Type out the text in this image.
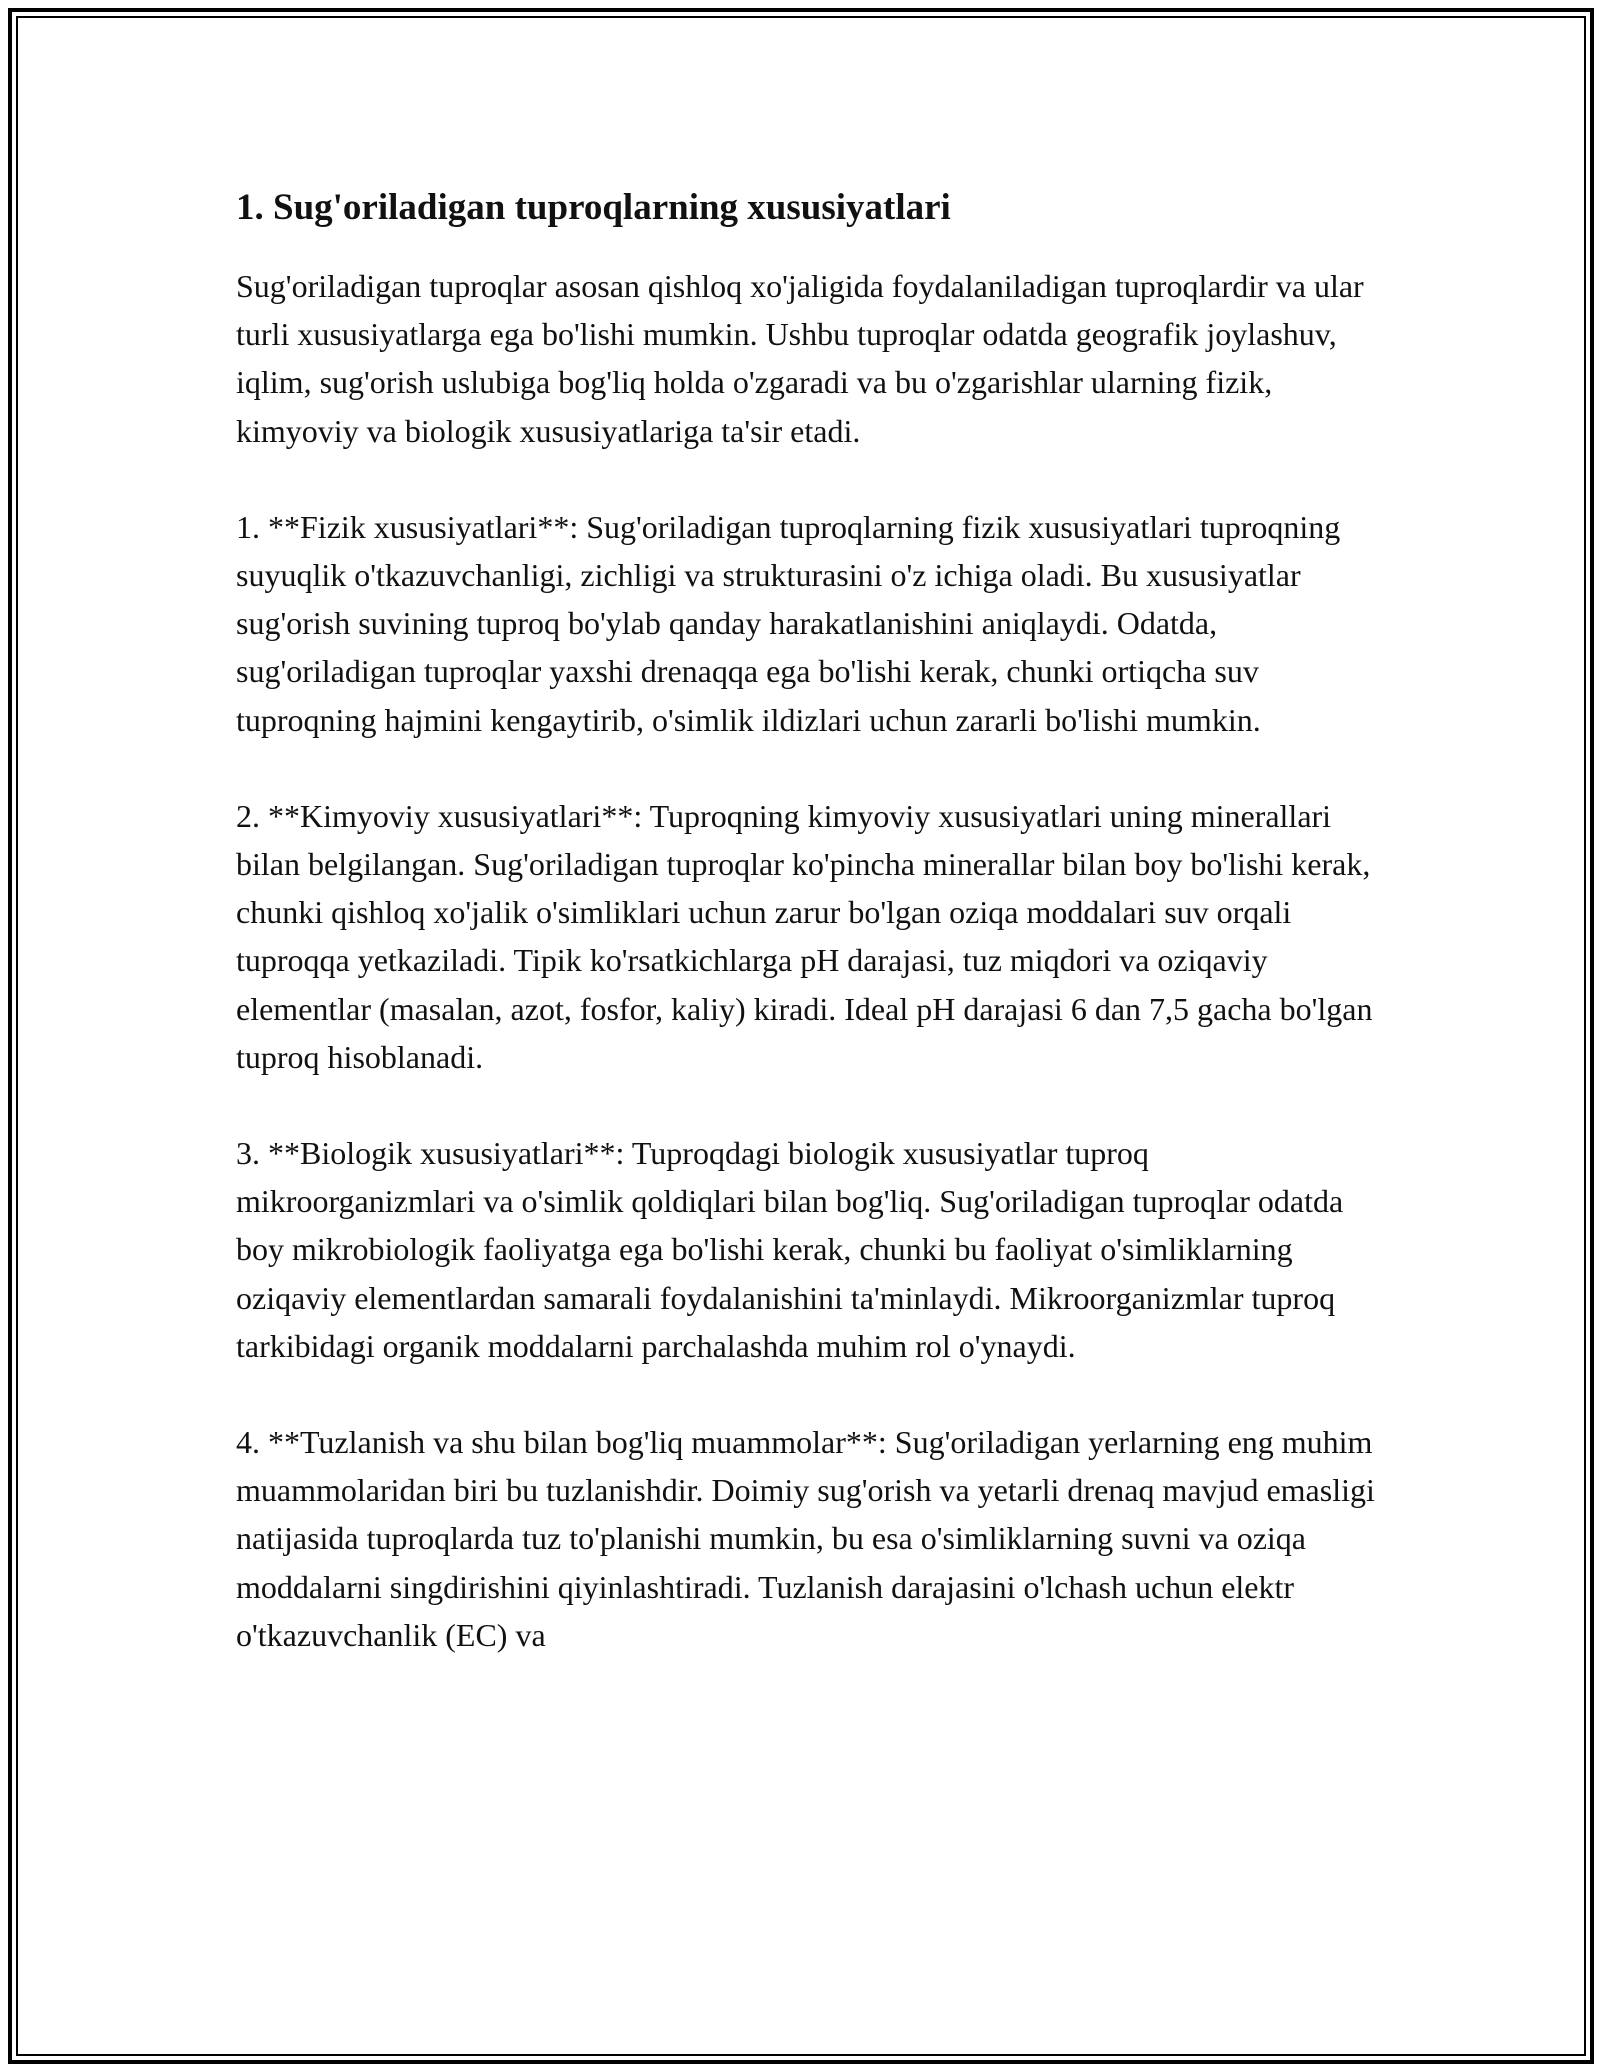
1. Sug'oriladigan tuproqlarning xususiyatlari

Sug'oriladigan tuproqlar asosan qishloq xo'jaligida foydalaniladigan tuproqlardir va ular turli xususiyatlarga ega bo'lishi mumkin. Ushbu tuproqlar odatda geografik joylashuv, iqlim, sug'orish uslubiga bog'liq holda o'zgaradi va bu o'zgarishlar ularning fizik, kimyoviy va biologik xususiyatlariga ta'sir etadi.

1. **Fizik xususiyatlari**: Sug'oriladigan tuproqlarning fizik xususiyatlari tuproqning suyuqlik o'tkazuvchanligi, zichligi va strukturasini o'z ichiga oladi. Bu xususiyatlar sug'orish suvining tuproq bo'ylab qanday harakatlanishini aniqlaydi. Odatda, sug'oriladigan tuproqlar yaxshi drenaqqa ega bo'lishi kerak, chunki ortiqcha suv tuproqning hajmini kengaytirib, o'simlik ildizlari uchun zararli bo'lishi mumkin.

2. **Kimyoviy xususiyatlari**: Tuproqning kimyoviy xususiyatlari uning minerallari bilan belgilangan. Sug'oriladigan tuproqlar ko'pincha minerallar bilan boy bo'lishi kerak, chunki qishloq xo'jalik o'simliklari uchun zarur bo'lgan oziqa moddalari suv orqali tuproqqa yetkaziladi. Tipik ko'rsatkichlarga pH darajasi, tuz miqdori va oziqaviy elementlar (masalan, azot, fosfor, kaliy) kiradi. Ideal pH darajasi 6 dan 7,5 gacha bo'lgan tuproq hisoblanadi.

3. **Biologik xususiyatlari**: Tuproqdagi biologik xususiyatlar tuproq mikroorganizmlari va o'simlik qoldiqlari bilan bog'liq. Sug'oriladigan tuproqlar odatda boy mikrobiologik faoliyatga ega bo'lishi kerak, chunki bu faoliyat o'simliklarning oziqaviy elementlardan samarali foydalanishini ta'minlaydi. Mikroorganizmlar tuproq tarkibidagi organik moddalarni parchalashda muhim rol o'ynaydi.

4. **Tuzlanish va shu bilan bog'liq muammolar**: Sug'oriladigan yerlarning eng muhim muammolaridan biri bu tuzlanishdir. Doimiy sug'orish va yetarli drenaq mavjud emasligi natijasida tuproqlarda tuz to'planishi mumkin, bu esa o'simliklarning suvni va oziqa moddalarni singdirishini qiyinlashtiradi. Tuzlanish darajasini o'lchash uchun elektr o'tkazuvchanlik (EC) va
